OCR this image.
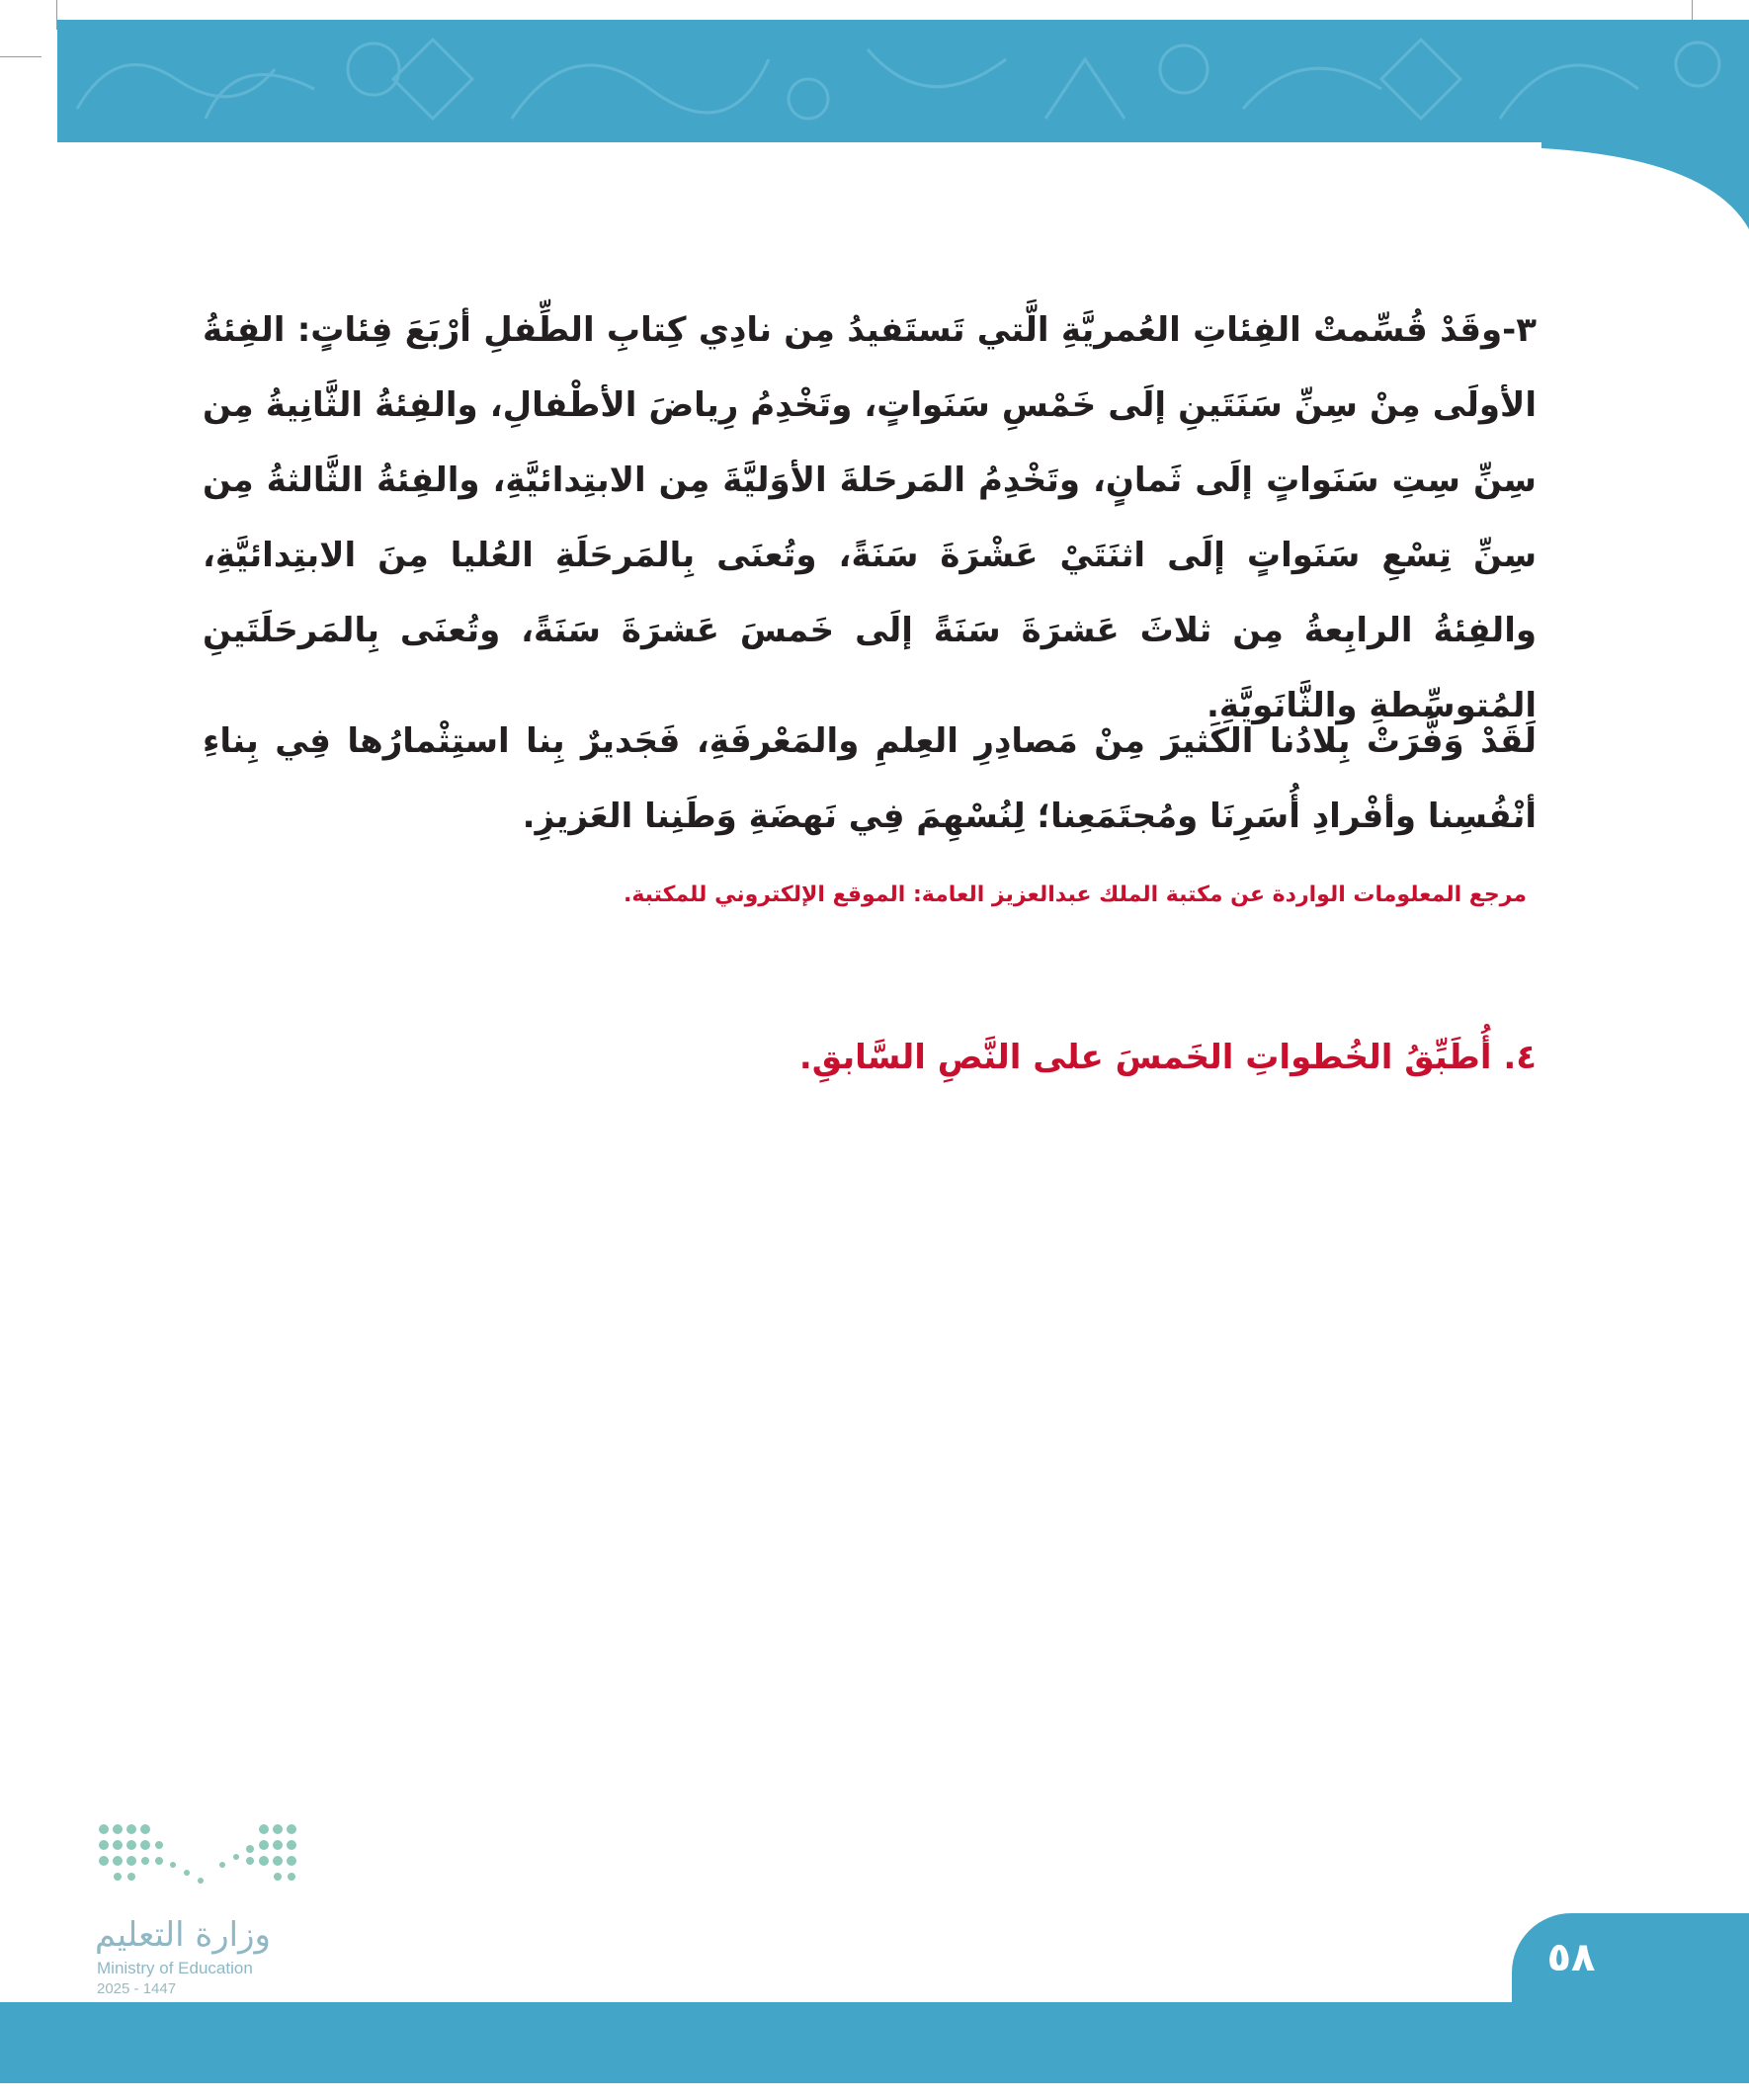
٣-وقَدْ قُسِّمتْ الفِئاتِ العُمريَّةِ الَّتي تَستَفيدُ مِن نادِي كِتابِ الطِّفلِ أرْبَعَ فِئاتٍ: الفِئةُ الأولَى مِنْ سِنِّ سَنَتَينِ إلَى خَمْسِ سَنَواتٍ، وتَخْدِمُ رِياضَ الأطْفالِ، والفِئةُ الثَّانِيةُ مِن سِنِّ سِتِ سَنَواتٍ إلَى ثَمانٍ، وتَخْدِمُ المَرحَلةَ الأوَليَّةَ مِن الابتِدائيَّةِ، والفِئةُ الثَّالثةُ مِن سِنِّ تِسْعِ سَنَواتٍ إلَى اثنَتَيْ عَشْرَةَ سَنَةً، وتُعنَى بِالمَرحَلَةِ العُليا مِنَ الابتِدائيَّةِ، والفِئةُ الرابِعةُ مِن ثلاثَ عَشرَةَ سَنَةً إلَى خَمسَ عَشرَةَ سَنَةً، وتُعنَى بِالمَرحَلَتَينِ المُتوسِّطةِ والثَّانَويَّةِ.

لَقَدْ وَفَّرَتْ بِلادُنا الكَثيرَ مِنْ مَصادِرِ العِلمِ والمَعْرفَةِ، فَجَديرٌ بِنا استِثْمارُها فِي بِناءِ أنْفُسِنا وأفْرادِ أُسَرِنَا ومُجتَمَعِنا؛ لِنُسْهِمَ فِي نَهضَةِ وَطَنِنا العَزيزِ.

مرجع المعلومات الواردة عن مكتبة الملك عبدالعزيز العامة: الموقع الإلكتروني للمكتبة.
٤. أُطَبِّقُ الخُطواتِ الخَمسَ على النَّصِ السَّابقِ.
وزارة التعليم
Ministry of Education
2025 - 1447
٥٨
